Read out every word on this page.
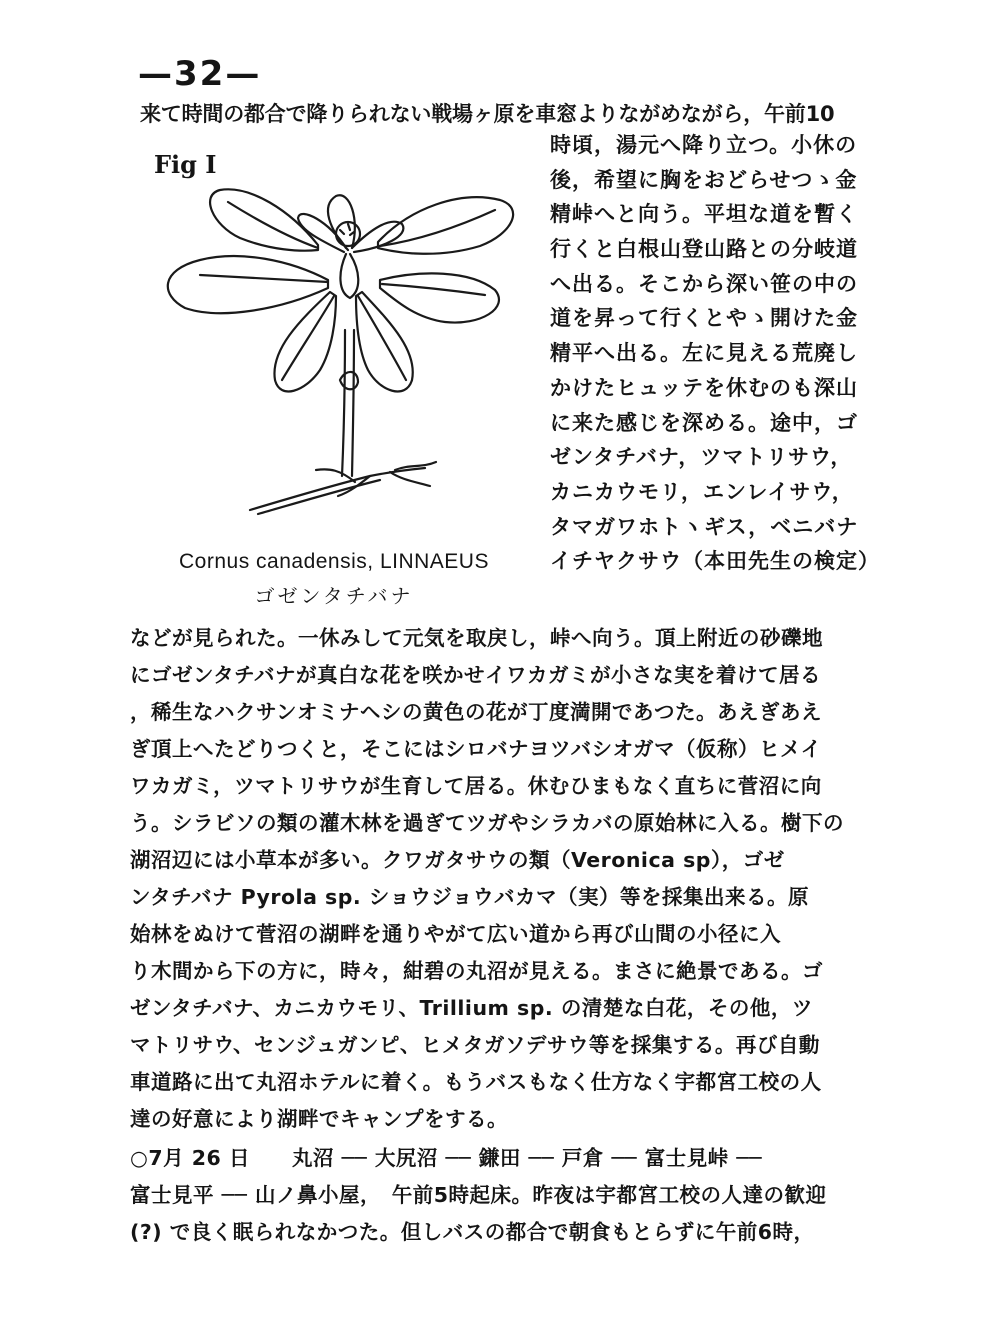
—32—
来て時間の都合で降りられない戦場ヶ原を車窓よりながめながら，午前10
Fig I
Cornus canadensis, LINNAEUS
ゴゼンタチバナ
時頃，湯元へ降り立つ。小休の
後，希望に胸をおどらせつゝ金
精峠へと向う。平坦な道を暫く
行くと白根山登山路との分岐道
へ出る。そこから深い笹の中の
道を昇って行くとやゝ開けた金
精平へ出る。左に見える荒廃し
かけたヒュッテを休むのも深山
に来た感じを深める。途中，ゴ
ゼンタチバナ，ツマトリサウ，
カニカウモリ，エンレイサウ，
タマガワホトヽギス，ベニバナ
イチヤクサウ（本田先生の検定）
などが見られた。一休みして元気を取戻し，峠へ向う。頂上附近の砂礫地
にゴゼンタチバナが真白な花を咲かせイワカガミが小さな実を着けて居る
，稀生なハクサンオミナヘシの黄色の花が丁度満開であつた。あえぎあえ
ぎ頂上へたどりつくと，そこにはシロバナヨツバシオガマ（仮称）ヒメイ
ワカガミ，ツマトリサウが生育して居る。休むひまもなく直ちに菅沼に向
う。シラビソの類の灌木林を過ぎてツガやシラカバの原始林に入る。樹下の
湖沼辺には小草本が多い。クワガタサウの類（Veronica sp），ゴゼ
ンタチバナ Pyrola sp. ショウジョウバカマ（実）等を採集出来る。原
始林をぬけて菅沼の湖畔を通りやがて広い道から再び山間の小径に入
り木間から下の方に，時々，紺碧の丸沼が見える。まさに絶景である。ゴ
ゼンタチバナ、カニカウモリ、Trillium sp. の清楚な白花，その他，ツ
マトリサウ、センジュガンピ、ヒメタガソデサウ等を採集する。再び自動
車道路に出て丸沼ホテルに着く。もうバスもなく仕方なく宇都宮工校の人
達の好意により湖畔でキャンプをする。
○7月 26 日　　丸沼 ── 大尻沼 ── 鎌田 ── 戸倉 ── 富士見峠 ──
富士見平 ── 山ノ鼻小屋，　午前5時起床。昨夜は宇都宮工校の人達の歓迎
(?) で良く眠られなかつた。但しバスの都合で朝食もとらずに午前6時，
